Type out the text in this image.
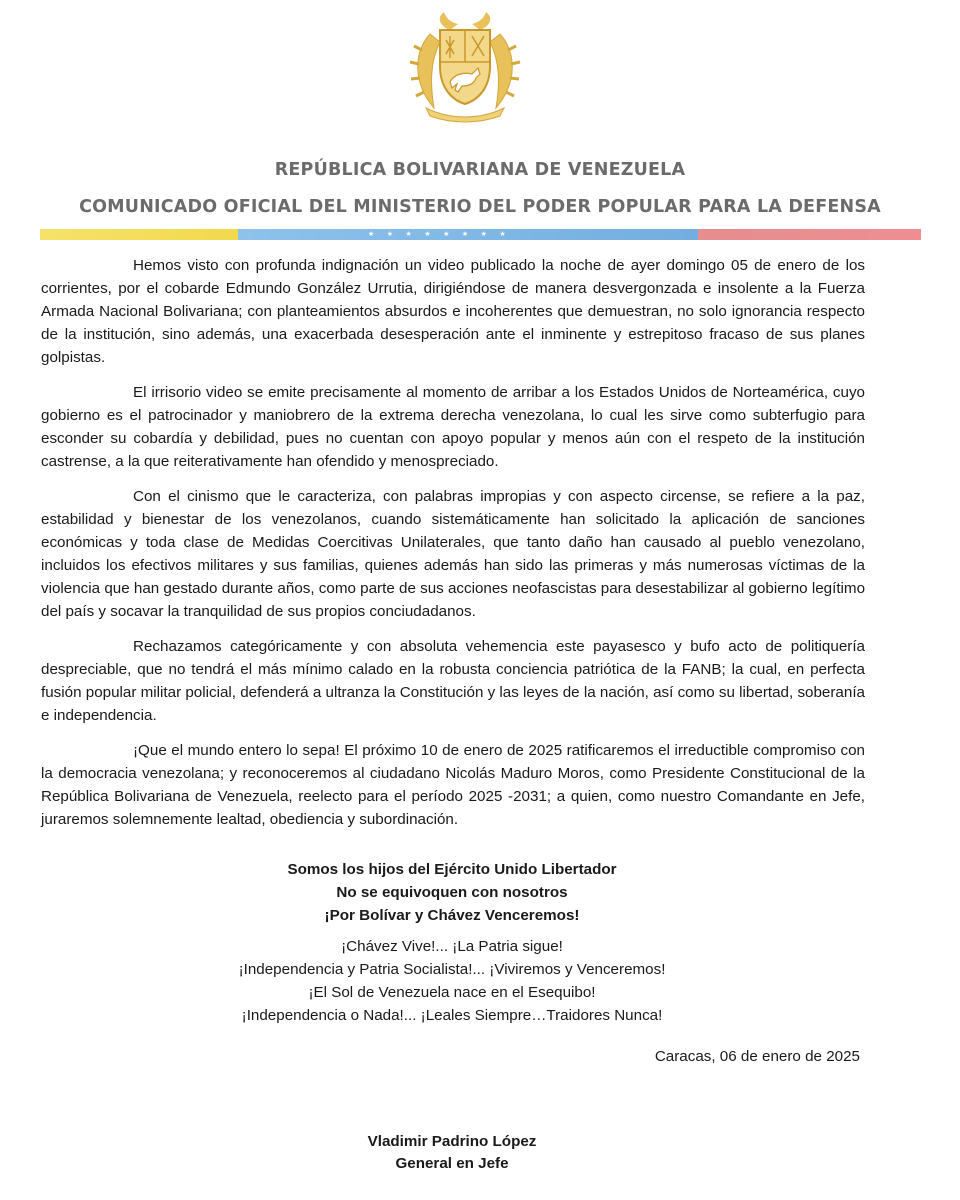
REPÚBLICA BOLIVARIANA DE VENEZUELA
COMUNICADO OFICIAL DEL MINISTERIO DEL PODER POPULAR PARA LA DEFENSA
★★★★★★★★

Hemos visto con profunda indignación un video publicado la noche de ayer domingo 05 de enero de los corrientes, por el cobarde Edmundo González Urrutia, dirigiéndose de manera desvergonzada e insolente a la Fuerza Armada Nacional Bolivariana; con planteamientos absurdos e incoherentes que demuestran, no solo ignorancia respecto de la institución, sino además, una exacerbada desesperación ante el inminente y estrepitoso fracaso de sus planes golpistas.

El irrisorio video se emite precisamente al momento de arribar a los Estados Unidos de Norteamérica, cuyo gobierno es el patrocinador y maniobrero de la extrema derecha venezolana, lo cual les sirve como subterfugio para esconder su cobardía y debilidad, pues no cuentan con apoyo popular y menos aún con el respeto de la institución castrense, a la que reiterativamente han ofendido y menospreciado.

Con el cinismo que le caracteriza, con palabras impropias y con aspecto circense, se refiere a la paz, estabilidad y bienestar de los venezolanos, cuando sistemáticamente han solicitado la aplicación de sanciones económicas y toda clase de Medidas Coercitivas Unilaterales, que tanto daño han causado al pueblo venezolano, incluidos los efectivos militares y sus familias, quienes además han sido las primeras y más numerosas víctimas de la violencia que han gestado durante años, como parte de sus acciones neofascistas para desestabilizar al gobierno legítimo del país y socavar la tranquilidad de sus propios conciudadanos.

Rechazamos categóricamente y con absoluta vehemencia este payasesco y bufo acto de politiquería despreciable, que no tendrá el más mínimo calado en la robusta conciencia patriótica de la FANB; la cual, en perfecta fusión popular militar policial, defenderá a ultranza la Constitución y las leyes de la nación, así como su libertad, soberanía e independencia.

¡Que el mundo entero lo sepa! El próximo 10 de enero de 2025 ratificaremos el irreductible compromiso con la democracia venezolana; y reconoceremos al ciudadano Nicolás Maduro Moros, como Presidente Constitucional de la República Bolivariana de Venezuela, reelecto para el período 2025 -2031; a quien, como nuestro Comandante en Jefe, juraremos solemnemente lealtad, obediencia y subordinación.

Somos los hijos del Ejército Unido Libertador
No se equivoquen con nosotros
¡Por Bolívar y Chávez Venceremos!
¡Chávez Vive!... ¡La Patria sigue!
¡Independencia y Patria Socialista!... ¡Viviremos y Venceremos!
¡El Sol de Venezuela nace en el Esequibo!
¡Independencia o Nada!... ¡Leales Siempre…Traidores Nunca!
Caracas, 06 de enero de 2025
Vladimir Padrino López
General en Jefe
